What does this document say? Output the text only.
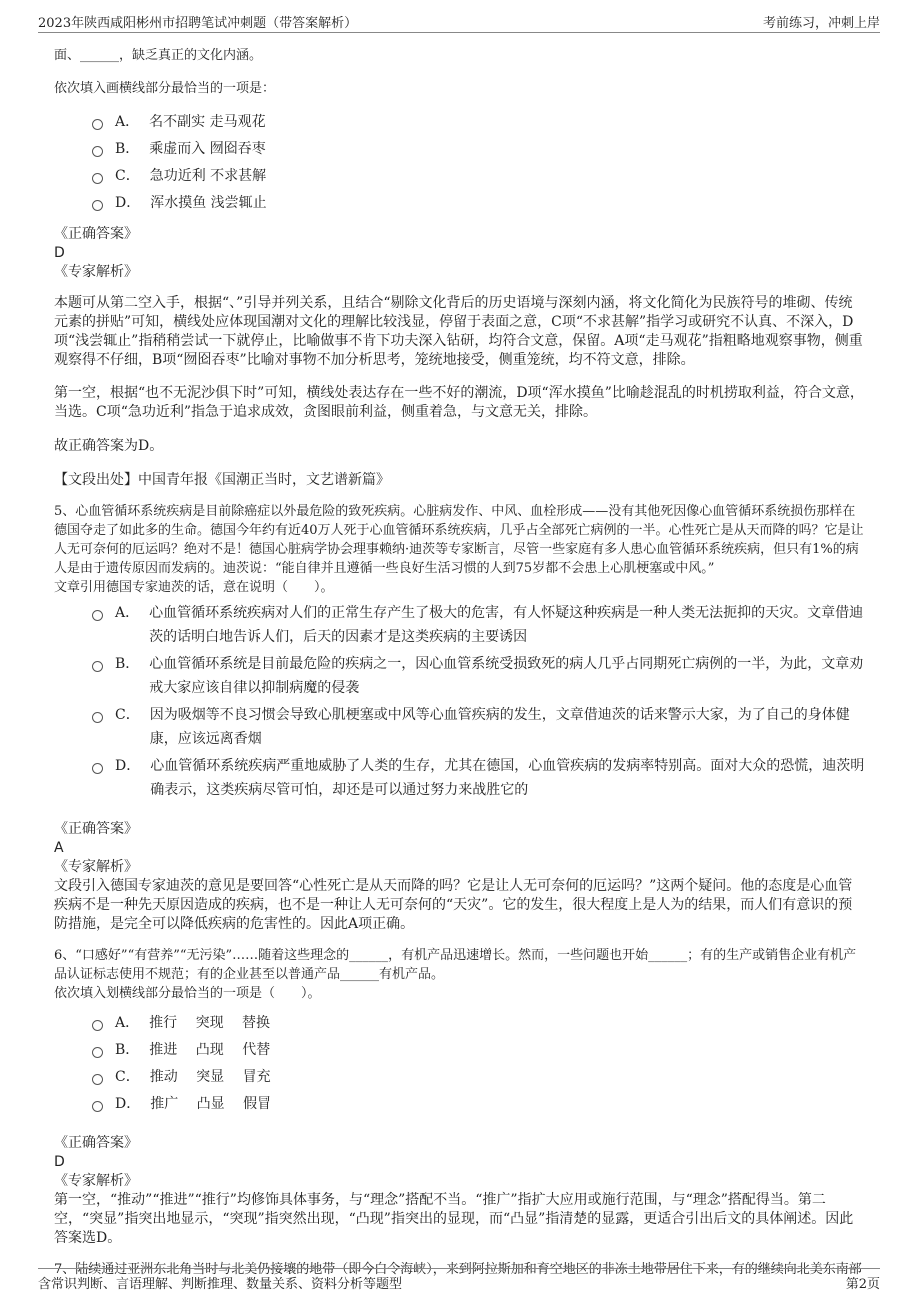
2023年陕西咸阳彬州市招聘笔试冲刺题（带答案解析）	考前练习，冲刺上岸

面、______，缺乏真正的文化内涵。

依次填入画横线部分最恰当的一项是：

A． 名不副实 走马观花
B． 乘虚而入 囫囵吞枣
C． 急功近利 不求甚解
D． 浑水摸鱼 浅尝辄止

《正确答案》

D

《专家解析》

本题可从第二空入手，根据“、”引导并列关系，且结合“剔除文化背后的历史语境与深刻内涵，将文化简化为民族符号的堆砌、传统元素的拼贴”可知，横线处应体现国潮对文化的理解比较浅显，停留于表面之意，C项“不求甚解”指学习或研究不认真、不深入，D项“浅尝辄止”指稍稍尝试一下就停止，比喻做事不肯下功夫深入钻研，均符合文意，保留。A项“走马观花”指粗略地观察事物，侧重观察得不仔细，B项“囫囵吞枣”比喻对事物不加分析思考，笼统地接受，侧重笼统，均不符文意，排除。

第一空，根据“也不无泥沙俱下时”可知，横线处表达存在一些不好的潮流，D项“浑水摸鱼”比喻趁混乱的时机捞取利益，符合文意，当选。C项“急功近利”指急于追求成效，贪图眼前利益，侧重着急，与文意无关，排除。

故正确答案为D。

【文段出处】中国青年报《国潮正当时，文艺谱新篇》

5、心血管循环系统疾病是目前除癌症以外最危险的致死疾病。心脏病发作、中风、血栓形成——没有其他死因像心血管循环系统损伤那样在德国夺走了如此多的生命。德国今年约有近40万人死于心血管循环系统疾病，几乎占全部死亡病例的一半。心性死亡是从天而降的吗？它是让人无可奈何的厄运吗？绝对不是！德国心脏病学协会理事赖纳·迪茨等专家断言，尽管一些家庭有多人患心血管循环系统疾病，但只有1%的病人是由于遗传原因而发病的。迪茨说：“能自律并且遵循一些良好生活习惯的人到75岁都不会患上心肌梗塞或中风。”

文章引用德国专家迪茨的话，意在说明（　　）。

A． 心血管循环系统疾病对人们的正常生存产生了极大的危害，有人怀疑这种疾病是一种人类无法扼抑的天灾。文章借迪茨的话明白地告诉人们，后天的因素才是这类疾病的主要诱因
B． 心血管循环系统是目前最危险的疾病之一，因心血管系统受损致死的病人几乎占同期死亡病例的一半，为此，文章劝戒大家应该自律以抑制病魔的侵袭
C． 因为吸烟等不良习惯会导致心肌梗塞或中风等心血管疾病的发生，文章借迪茨的话来警示大家，为了自己的身体健康，应该远离香烟
D． 心血管循环系统疾病严重地威胁了人类的生存，尤其在德国，心血管疾病的发病率特别高。面对大众的恐慌，迪茨明确表示，这类疾病尽管可怕，却还是可以通过努力来战胜它的

《正确答案》

A

《专家解析》

文段引入德国专家迪茨的意见是要回答“心性死亡是从天而降的吗？它是让人无可奈何的厄运吗？”这两个疑问。他的态度是心血管疾病不是一种先天原因造成的疾病，也不是一种让人无可奈何的“天灾”。它的发生，很大程度上是人为的结果，而人们有意识的预防措施，是完全可以降低疾病的危害性的。因此A项正确。

6、“口感好”“有营养”“无污染”……随着这些理念的______，有机产品迅速增长。然而，一些问题也开始______；有的生产或销售企业有机产品认证标志使用不规范；有的企业甚至以普通产品______有机产品。

依次填入划横线部分最恰当的一项是（　　）。

A． 推行　 突现　 替换
B． 推进　 凸现　 代替
C． 推动　 突显　 冒充
D． 推广　 凸显　 假冒

《正确答案》

D

《专家解析》

第一空，“推动”“推进”“推行”均修饰具体事务，与“理念”搭配不当。“推广”指扩大应用或施行范围，与“理念”搭配得当。第二空，“突显”指突出地显示，“突现”指突然出现，“凸现”指突出的显现，而“凸显”指清楚的显露，更适合引出后文的具体阐述。因此答案选D。

7、陆续通过亚洲东北角当时与北美仍接壤的地带（即今白令海峡），来到阿拉斯加和育空地区的非冻土地带居住下来，有的继续向北美东南部

含常识判断、言语理解、判断推理、数量关系、资料分析等题型	第2页
